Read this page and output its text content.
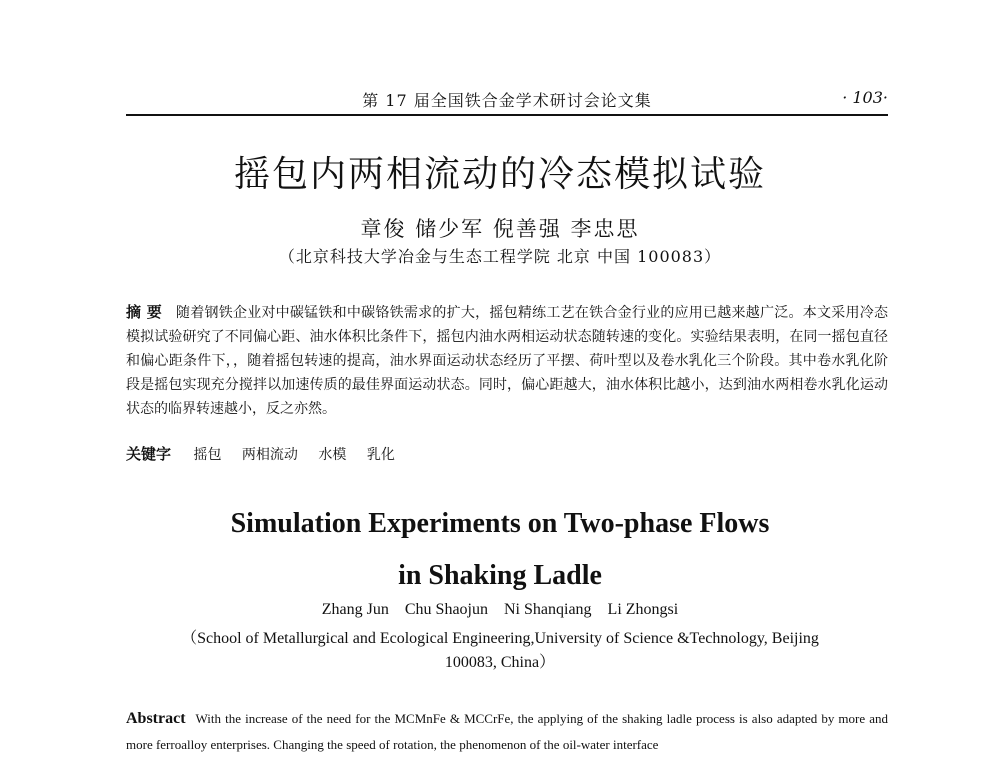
第 17 届全国铁合金学术研讨会论文集	· 103·
摇包内两相流动的冷态模拟试验
章俊 储少军 倪善强 李忠思
（北京科技大学冶金与生态工程学院 北京 中国 100083）
摘 要 随着钢铁企业对中碳锰铁和中碳铬铁需求的扩大，摇包精练工艺在铁合金行业的应用已越来越广泛。本文采用冷态模拟试验研究了不同偏心距、油水体积比条件下，摇包内油水两相运动状态随转速的变化。实验结果表明，在同一摇包直径和偏心距条件下，，随着摇包转速的提高，油水界面运动状态经历了平摆、荷叶型以及卷水乳化三个阶段。其中卷水乳化阶段是摇包实现充分搅拌以加速传质的最佳界面运动状态。同时，偏心距越大，油水体积比越小，达到油水两相卷水乳化运动状态的临界转速越小，反之亦然。
关键字 摇包 两相流动 水模 乳化
Simulation Experiments on Two-phase Flows
in Shaking Ladle
Zhang Jun Chu Shaojun Ni Shanqiang Li Zhongsi
（School of Metallurgical and Ecological Engineering,University of Science &Technology, Beijing
100083, China）
Abstract With the increase of the need for the MCMnFe & MCCrFe, the applying of the shaking ladle process is also adapted by more and more ferroalloy enterprises. Changing the speed of rotation, the phenomenon of the oil-water interface
